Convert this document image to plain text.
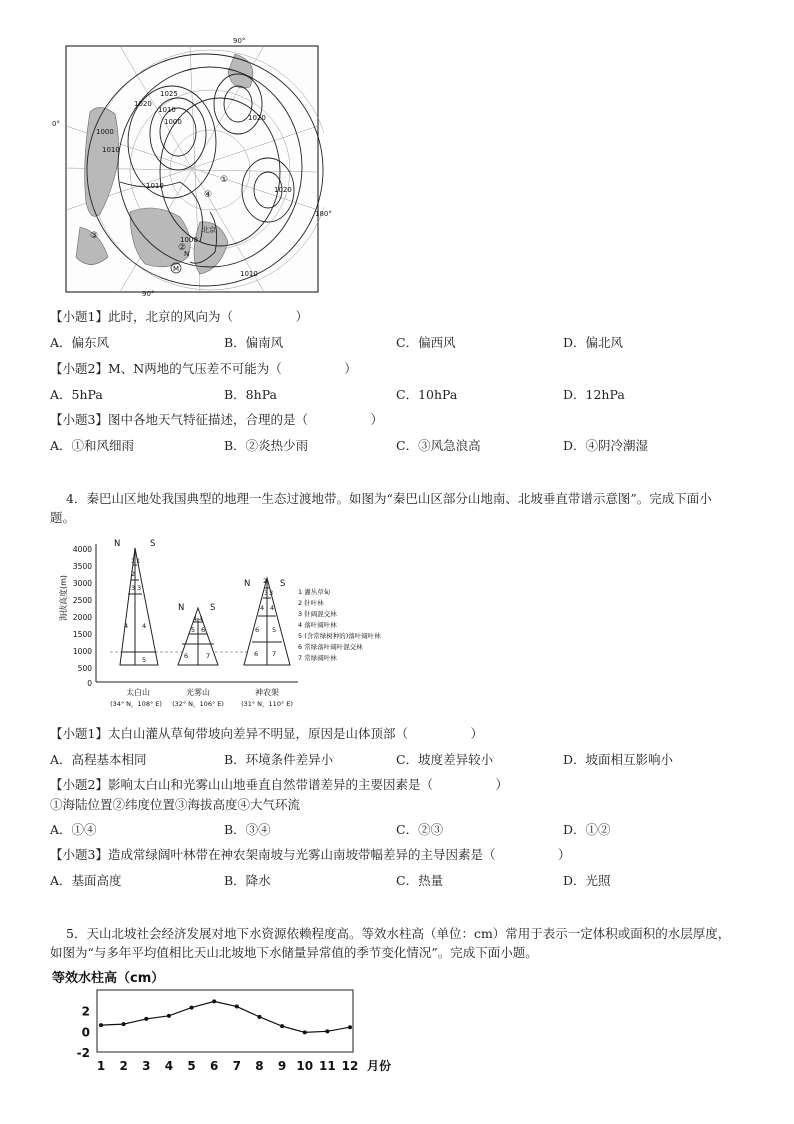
1025
1020
1010
1000
1000
1010
1020
1020
1010
1000
1010
④
①
③
②
北京
N
M
90°
0°
180°
90°
【小题1】此时，北京的风向为（　　　　　）
A．偏东风	B．偏南风	C．偏西风	D．偏北风
【小题2】M、N两地的气压差不可能为（　　　　　）
A．5hPa	B．8hPa	C．10hPa	D．12hPa
【小题3】图中各地天气特征描述，合理的是（　　　　　）
A．①和风细雨	B．②炎热少雨	C．③风急浪高	D．④阴冷潮湿
4．秦巴山区地处我国典型的地理一生态过渡地带。如图为“秦巴山区部分山地南、北坡垂直带谱示意图”。完成下面小
题。
4000
3500
3000
2500
2000
1500
1000
500
0
海拔高度(m)
N	S
N	S
N	S
1 1
2
3 3
4 4
5
4 4
5 6
6	7
2
3 3
4 4
6 5
6 7
1 灌丛草甸
2 针叶林
3 针阔混交林
4 落叶阔叶林
5 (含常绿树种的)落叶阔叶林
6 常绿落叶阔叶混交林
7 常绿阔叶林
太白山	光雾山	神农架
(34° N，108° E) (32° N，106° E)	(31° N，110° E)
【小题1】太白山灌从草甸带坡向差异不明显，原因是山体顶部（　　　　　）
A．高程基本相同	B．环境条件差异小	C．坡度差异较小	D．坡面相互影响小
【小题2】影响太白山和光雾山山地垂直自然带谱差异的主要因素是（　　　　　）
①海陆位置②纬度位置③海拔高度④大气环流
A．①④	B．③④	C．②③	D．①②
【小题3】造成常绿阔叶林带在神农架南坡与光雾山南坡带幅差异的主导因素是（　　　　　）
A．基面高度	B．降水	C．热量	D．光照
5．天山北坡社会经济发展对地下水资源依赖程度高。等效水柱高（单位：cm）常用于表示一定体积或面积的水层厚度，
如图为“与多年平均值相比天山北坡地下水储量异常值的季节变化情况”。完成下面小题。
等效水柱高（cm）
2
0
-2
1 2 3 4 5 6 7 8 9 10 11 12 月份
